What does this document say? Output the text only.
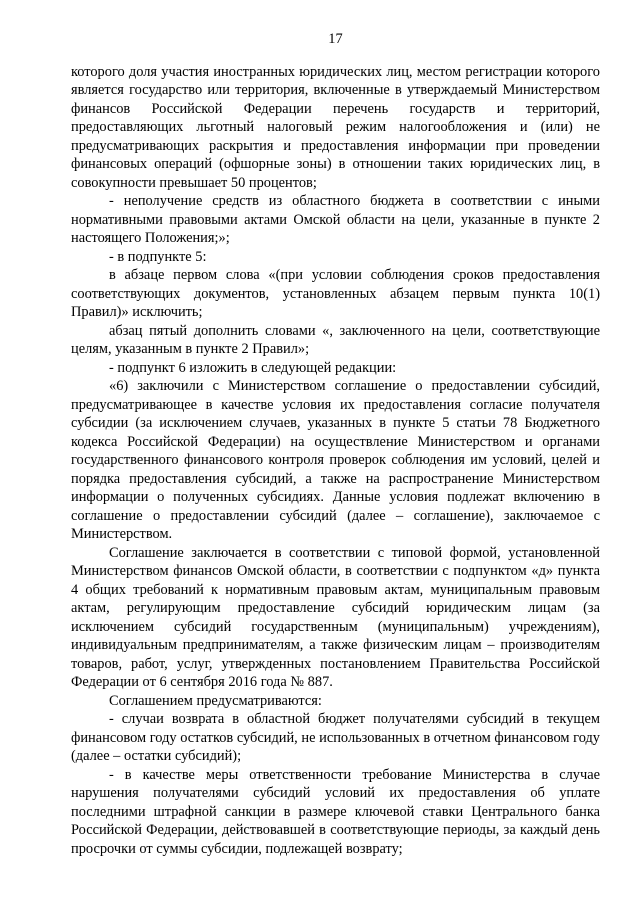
17

которого доля участия иностранных юридических лиц, местом регистрации которого является государство или территория, включенные в утверждаемый Министерством финансов Российской Федерации перечень государств и территорий, предоставляющих льготный налоговый режим налогообложения и (или) не предусматривающих раскрытия и предоставления информации при проведении финансовых операций (офшорные зоны) в отношении таких юридических лиц, в совокупности превышает 50 процентов;

- неполучение средств из областного бюджета в соответствии с иными нормативными правовыми актами Омской области на цели, указанные в пункте 2 настоящего Положения;»;

- в подпункте 5:

в абзаце первом слова «(при условии соблюдения сроков предоставления соответствующих документов, установленных абзацем первым пункта 10(1) Правил)» исключить;

абзац пятый дополнить словами «, заключенного на цели, соответствующие целям, указанным в пункте 2 Правил»;

- подпункт 6 изложить в следующей редакции:

«6) заключили с Министерством соглашение о предоставлении субсидий, предусматривающее в качестве условия их предоставления согласие получателя субсидии (за исключением случаев, указанных в пункте 5 статьи 78 Бюджетного кодекса Российской Федерации) на осуществление Министерством и органами государственного финансового контроля проверок соблюдения им условий, целей и порядка предоставления субсидий, а также на распространение Министерством информации о полученных субсидиях. Данные условия подлежат включению в соглашение о предоставлении субсидий (далее – соглашение), заключаемое с Министерством.

Соглашение заключается в соответствии с типовой формой, установленной Министерством финансов Омской области, в соответствии с подпунктом «д» пункта 4 общих требований к нормативным правовым актам, муниципальным правовым актам, регулирующим предоставление субсидий юридическим лицам (за исключением субсидий государственным (муниципальным) учреждениям), индивидуальным предпринимателям, а также физическим лицам – производителям товаров, работ, услуг, утвержденных постановлением Правительства Российской Федерации от 6 сентября 2016 года № 887.

Соглашением предусматриваются:

- случаи возврата в областной бюджет получателями субсидий в текущем финансовом году остатков субсидий, не использованных в отчетном финансовом году (далее – остатки субсидий);

- в качестве меры ответственности требование Министерства в случае нарушения получателями субсидий условий их предоставления об уплате последними штрафной санкции в размере ключевой ставки Центрального банка Российской Федерации, действовавшей в соответствующие периоды, за каждый день просрочки от суммы субсидии, подлежащей возврату;
